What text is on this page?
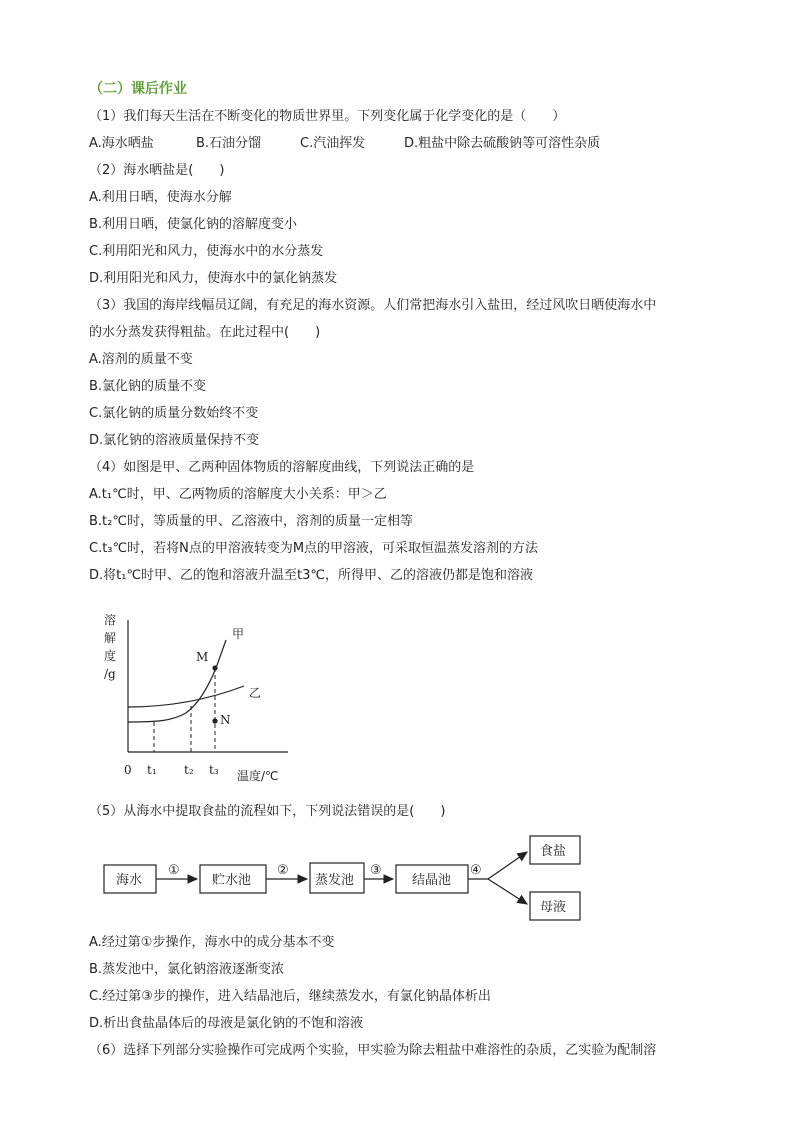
（二）课后作业
（1）我们每天生活在不断变化的物质世界里。下列变化属于化学变化的是（　　）
A.海水晒盐	B.石油分馏	C.汽油挥发	D.粗盐中除去硫酸钠等可溶性杂质
（2）海水晒盐是(　　)
A.利用日晒，使海水分解
B.利用日晒，使氯化钠的溶解度变小
C.利用阳光和风力，使海水中的水分蒸发
D.利用阳光和风力，使海水中的氯化钠蒸发
（3）我国的海岸线幅员辽阔，有充足的海水资源。人们常把海水引入盐田，经过风吹日晒使海水中
的水分蒸发获得粗盐。在此过程中(　　)
A.溶剂的质量不变
B.氯化钠的质量不变
C.氯化钠的质量分数始终不变
D.氯化钠的溶液质量保持不变
（4）如图是甲、乙两种固体物质的溶解度曲线，下列说法正确的是
A.t₁℃时，甲、乙两物质的溶解度大小关系：甲＞乙
B.t₂℃时，等质量的甲、乙溶液中，溶剂的质量一定相等
C.t₃℃时，若将N点的甲溶液转变为M点的甲溶液，可采取恒温蒸发溶剂的方法
D.将t₁℃时甲、乙的饱和溶液升温至t3℃，所得甲、乙的溶液仍都是饱和溶液
溶
解
度
/g
M
N
甲
乙
0 t₁ t₂ t₃ 温度/℃
（5）从海水中提取食盐的流程如下，下列说法错误的是(　　)
海水	贮水池	蒸发池	结晶池
食盐
母液
①	②	③	④
A.经过第①步操作，海水中的成分基本不变
B.蒸发池中，氯化钠溶液逐渐变浓
C.经过第③步的操作，进入结晶池后，继续蒸发水，有氯化钠晶体析出
D.析出食盐晶体后的母液是氯化钠的不饱和溶液
（6）选择下列部分实验操作可完成两个实验，甲实验为除去粗盐中难溶性的杂质，乙实验为配制溶
